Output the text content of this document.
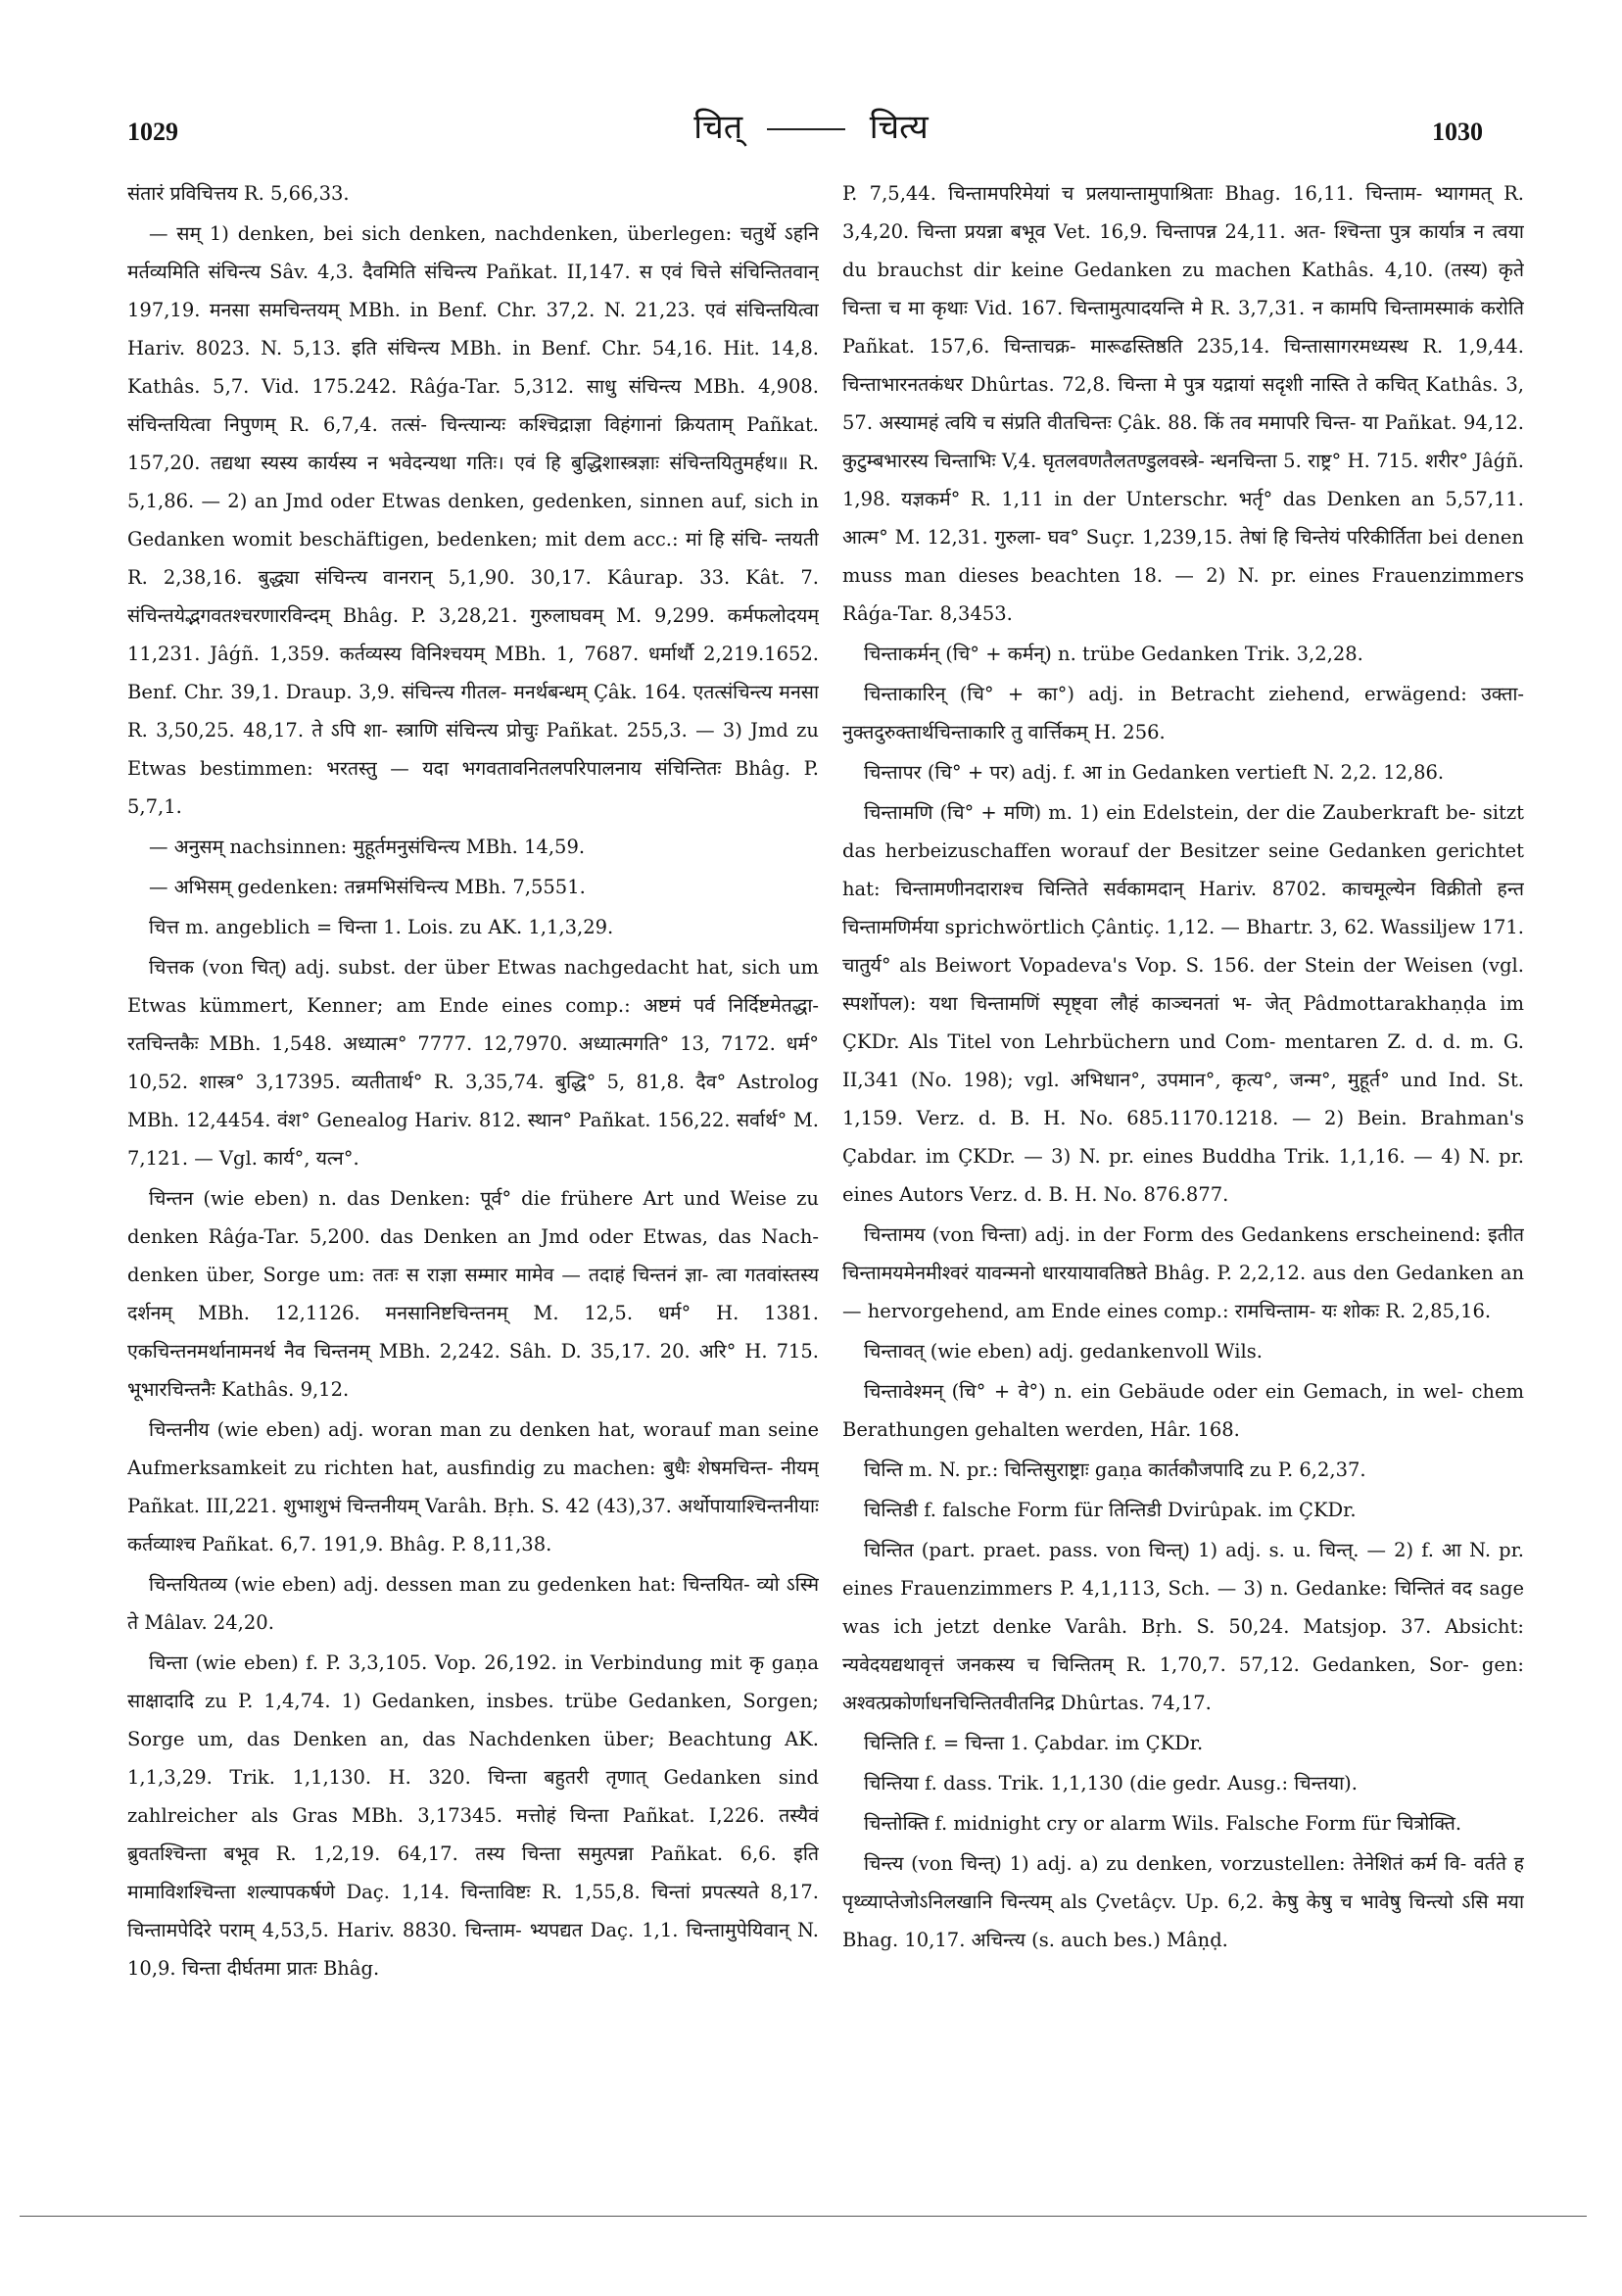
1029	चित्	चित्य	1030

संतारं प्रविचित्तय R. 5,66,33.

— सम् 1) denken, bei sich denken, nachdenken, überlegen: चतुर्थे ऽहनि मर्तव्यमिति संचिन्त्य Sâv. 4,3. दैवमिति संचिन्त्य Pañkat. II,147. स एवं चित्ते संचिन्तितवान् 197,19. मनसा समचिन्तयम् MBh. in Benf. Chr. 37,2. N. 21,23. एवं संचिन्तयित्वा Hariv. 8023. N. 5,13. इति संचिन्त्य MBh. in Benf. Chr. 54,16. Hit. 14,8. Kathâs. 5,7. Vid. 175.242. Râǵa-Tar. 5,312. साधु संचिन्त्य MBh. 4,908. संचिन्तयित्वा निपुणम् R. 6,7,4. तत्सं- चिन्त्यान्यः कश्चिद्राज्ञा विहंगानां क्रियताम् Pañkat. 157,20. तद्यथा स्यस्य कार्यस्य न भवेदन्यथा गतिः। एवं हि बुद्धिशास्त्रज्ञाः संचिन्तयितुमर्हथ॥ R. 5,1,86. — 2) an Jmd oder Etwas denken, gedenken, sinnen auf, sich in Gedanken womit beschäftigen, bedenken; mit dem acc.: मां हि संचि- न्तयती R. 2,38,16. बुद्ध्या संचिन्त्य वानरान् 5,1,90. 30,17. Kâurap. 33. Kât. 7. संचिन्तयेद्भगवतश्चरणारविन्दम् Bhâg. P. 3,28,21. गुरुलाघवम् M. 9,299. कर्मफलोदयम् 11,231. Jâǵñ. 1,359. कर्तव्यस्य विनिश्चयम् MBh. 1, 7687. धर्मार्थौ 2,219.1652. Benf. Chr. 39,1. Draup. 3,9. संचिन्त्य गीतल- मनर्थबन्धम् Çâk. 164. एतत्संचिन्त्य मनसा R. 3,50,25. 48,17. ते ऽपि शा- स्त्राणि संचिन्त्य प्रोचुः Pañkat. 255,3. — 3) Jmd zu Etwas bestimmen: भरतस्तु — यदा भगवतावनितलपरिपालनाय संचिन्तितः Bhâg. P. 5,7,1.

— अनुसम् nachsinnen: मुहूर्तमनुसंचिन्त्य MBh. 14,59.

— अभिसम् gedenken: तन्नमभिसंचिन्त्य MBh. 7,5551.

चित्त m. angeblich = चिन्ता 1. Lois. zu AK. 1,1,3,29.

चित्तक (von चित्) adj. subst. der über Etwas nachgedacht hat, sich um Etwas kümmert, Kenner; am Ende eines comp.: अष्टमं पर्व निर्दिष्टमेतद्धा- रतचिन्तकैः MBh. 1,548. अध्यात्म° 7777. 12,7970. अध्यात्मगति° 13, 7172. धर्म° 10,52. शास्त्र° 3,17395. व्यतीतार्थ° R. 3,35,74. बुद्धि° 5, 81,8. दैव° Astrolog MBh. 12,4454. वंश° Genealog Hariv. 812. स्थान° Pañkat. 156,22. सर्वार्थ° M. 7,121. — Vgl. कार्य°, यत्न°.

चिन्तन (wie eben) n. das Denken: पूर्व° die frühere Art und Weise zu denken Râǵa-Tar. 5,200. das Denken an Jmd oder Etwas, das Nach- denken über, Sorge um: ततः स राज्ञा सम्मार मामेव — तदाहं चिन्तनं ज्ञा- त्वा गतवांस्तस्य दर्शनम् MBh. 12,1126. मनसानिष्टचिन्तनम् M. 12,5. धर्म° H. 1381. एकचिन्तनमर्थानामनर्थ नैव चिन्तनम् MBh. 2,242. Sâh. D. 35,17. 20. अरि° H. 715. भूभारचिन्तनैः Kathâs. 9,12.

चिन्तनीय (wie eben) adj. woran man zu denken hat, worauf man seine Aufmerksamkeit zu richten hat, ausfindig zu machen: बुधैः शेषमचिन्त- नीयम् Pañkat. III,221. शुभाशुभं चिन्तनीयम् Varâh. Bṛh. S. 42 (43),37. अर्थोपायाश्चिन्तनीयाः कर्तव्याश्च Pañkat. 6,7. 191,9. Bhâg. P. 8,11,38.

चिन्तयितव्य (wie eben) adj. dessen man zu gedenken hat: चिन्तयित- व्यो ऽस्मि ते Mâlav. 24,20.

चिन्ता (wie eben) f. P. 3,3,105. Vop. 26,192. in Verbindung mit कृ gaṇa साक्षादादि zu P. 1,4,74. 1) Gedanken, insbes. trübe Gedanken, Sorgen; Sorge um, das Denken an, das Nachdenken über; Beachtung AK. 1,1,3,29. Trik. 1,1,130. H. 320. चिन्ता बहुतरी तृणात् Gedanken sind zahlreicher als Gras MBh. 3,17345. मत्तोहं चिन्ता Pañkat. I,226. तस्यैवं ब्रुवतश्चिन्ता बभूव R. 1,2,19. 64,17. तस्य चिन्ता समुत्पन्ना Pañkat. 6,6. इति मामाविशश्चिन्ता शल्यापकर्षणे Daç. 1,14. चिन्ताविष्टः R. 1,55,8. चिन्तां प्रपत्स्यते 8,17. चिन्तामपेदिरे पराम् 4,53,5. Hariv. 8830. चिन्ताम- भ्यपद्यत Daç. 1,1. चिन्तामुपेयिवान् N. 10,9. चिन्ता दीर्घतमा प्रातः Bhâg.

P. 7,5,44. चिन्तामपरिमेयां च प्रलयान्तामुपाश्रिताः Bhag. 16,11. चिन्ताम- भ्यागमत् R. 3,4,20. चिन्ता प्रयन्ना बभूव Vet. 16,9. चिन्तापन्न 24,11. अत- श्चिन्ता पुत्र कार्यात्र न त्वया du brauchst dir keine Gedanken zu machen Kathâs. 4,10. (तस्य) कृते चिन्ता च मा कृथाः Vid. 167. चिन्तामुत्पादयन्ति मे R. 3,7,31. न कामपि चिन्तामस्माकं करोति Pañkat. 157,6. चिन्ताचक्र- मारूढस्तिष्ठति 235,14. चिन्तासागरमध्यस्थ R. 1,9,44. चिन्ताभारनतकंधर Dhûrtas. 72,8. चिन्ता मे पुत्र यद्रायां सदृशी नास्ति ते कचित् Kathâs. 3, 57. अस्यामहं त्वयि च संप्रति वीतचिन्तः Çâk. 88. किं तव ममापरि चिन्त- या Pañkat. 94,12. कुटुम्बभारस्य चिन्ताभिः V,4. घृतलवणतैलतण्डुलवस्त्रे- न्धनचिन्ता 5. राष्ट्र° H. 715. शरीर° Jâǵñ. 1,98. यज्ञकर्म° R. 1,11 in der Unterschr. भर्तृ° das Denken an 5,57,11. आत्म° M. 12,31. गुरुला- घव° Suçr. 1,239,15. तेषां हि चिन्तेयं परिकीर्तिता bei denen muss man dieses beachten 18. — 2) N. pr. eines Frauenzimmers Râǵa-Tar. 8,3453.

चिन्ताकर्मन् (चि° + कर्मन्) n. trübe Gedanken Trik. 3,2,28.

चिन्ताकारिन् (चि° + का°) adj. in Betracht ziehend, erwägend: उक्ता- नुक्तदुरुक्तार्थचिन्ताकारि तु वार्त्तिकम् H. 256.

चिन्तापर (चि° + पर) adj. f. आ in Gedanken vertieft N. 2,2. 12,86.

चिन्तामणि (चि° + मणि) m. 1) ein Edelstein, der die Zauberkraft be- sitzt das herbeizuschaffen worauf der Besitzer seine Gedanken gerichtet hat: चिन्तामणीनदाराश्च चिन्तिते सर्वकामदान् Hariv. 8702. काचमूल्येन विक्रीतो हन्त चिन्तामणिर्मया sprichwörtlich Çântiç. 1,12. — Bhartr. 3, 62. Wassiljew 171. चातुर्य° als Beiwort Vopadeva's Vop. S. 156. der Stein der Weisen (vgl. स्पर्शोपल): यथा चिन्तामणिं स्पृष्ट्वा लौहं काञ्चनतां भ- जेत् Pâdmottarakhaṇḍa im ÇKDr. Als Titel von Lehrbüchern und Com- mentaren Z. d. d. m. G. II,341 (No. 198); vgl. अभिधान°, उपमान°, कृत्य°, जन्म°, मुहूर्त° und Ind. St. 1,159. Verz. d. B. H. No. 685.1170.1218. — 2) Bein. Brahman's Çabdar. im ÇKDr. — 3) N. pr. eines Buddha Trik. 1,1,16. — 4) N. pr. eines Autors Verz. d. B. H. No. 876.877.

चिन्तामय (von चिन्ता) adj. in der Form des Gedankens erscheinend: इतीत चिन्तामयमेनमीश्वरं यावन्मनो धारयायावतिष्ठते Bhâg. P. 2,2,12. aus den Gedanken an — hervorgehend, am Ende eines comp.: रामचिन्ताम- यः शोकः R. 2,85,16.

चिन्तावत् (wie eben) adj. gedankenvoll Wils.

चिन्तावेश्मन् (चि° + वे°) n. ein Gebäude oder ein Gemach, in wel- chem Berathungen gehalten werden, Hâr. 168.

चिन्ति m. N. pr.: चिन्तिसुराष्ट्राः gaṇa कार्तकौजपादि zu P. 6,2,37.

चिन्तिडी f. falsche Form für तिन्तिडी Dvirûpak. im ÇKDr.

चिन्तित (part. praet. pass. von चिन्त्) 1) adj. s. u. चिन्त्. — 2) f. आ N. pr. eines Frauenzimmers P. 4,1,113, Sch. — 3) n. Gedanke: चिन्तितं वद sage was ich jetzt denke Varâh. Bṛh. S. 50,24. Matsjop. 37. Absicht: न्यवेदयद्यथावृत्तं जनकस्य च चिन्तितम् R. 1,70,7. 57,12. Gedanken, Sor- gen: अश्वत्प्रकोर्णाधनचिन्तितवीतनिद्र Dhûrtas. 74,17.

चिन्तिति f. = चिन्ता 1. Çabdar. im ÇKDr.

चिन्तिया f. dass. Trik. 1,1,130 (die gedr. Ausg.: चिन्तया).

चिन्तोक्ति f. midnight cry or alarm Wils. Falsche Form für चित्रोक्ति.

चिन्त्य (von चिन्त्) 1) adj. a) zu denken, vorzustellen: तेनेशितं कर्म वि- वर्तते ह पृथ्व्याप्तेजोऽनिलखानि चिन्त्यम् als Çvetâçv. Up. 6,2. केषु केषु च भावेषु चिन्त्यो ऽसि मया Bhag. 10,17. अचिन्त्य (s. auch bes.) Mâṇḍ.
